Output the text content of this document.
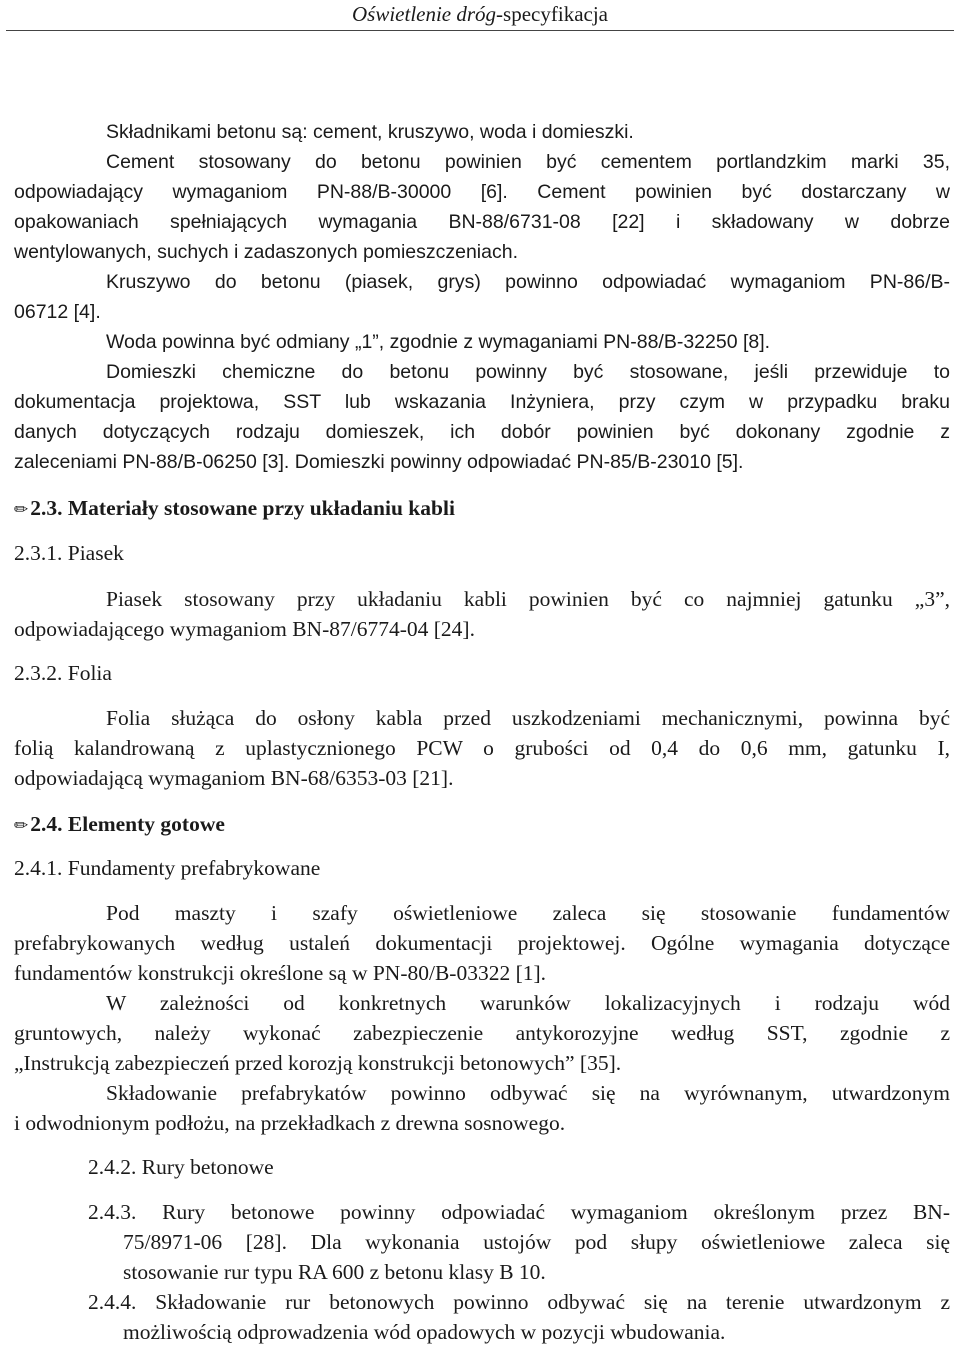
Oświetlenie dróg-specyfikacja
Składnikami betonu są: cement, kruszywo, woda i domieszki.
Cement stosowany do betonu powinien być cementem portlandzkim marki 35,
odpowiadający wymaganiom PN-88/B-30000 [6]. Cement powinien być dostarczany w
opakowaniach spełniających wymagania BN-88/6731-08 [22] i składowany w dobrze
wentylowanych, suchych i zadaszonych pomieszczeniach.
Kruszywo do betonu (piasek, grys) powinno odpowiadać wymaganiom PN-86/B-
06712 [4].
Woda powinna być odmiany „1”, zgodnie z wymaganiami PN-88/B-32250 [8].
Domieszki chemiczne do betonu powinny być stosowane, jeśli przewiduje to
dokumentacja projektowa, SST lub wskazania Inżyniera, przy czym w przypadku braku
danych dotyczących rodzaju domieszek, ich dobór powinien być dokonany zgodnie z
zaleceniami PN-88/B-06250 [3]. Domieszki powinny odpowiadać PN-85/B-23010 [5].
✏2.3. Materiały stosowane przy układaniu kabli
2.3.1. Piasek
Piasek stosowany przy układaniu kabli powinien być co najmniej gatunku „3”,
odpowiadającego wymaganiom BN-87/6774-04 [24].
2.3.2. Folia
Folia służąca do osłony kabla przed uszkodzeniami mechanicznymi, powinna być
folią kalandrowaną z uplastycznionego PCW o grubości od 0,4 do 0,6 mm, gatunku I,
odpowiadającą wymaganiom BN-68/6353-03 [21].
✏2.4. Elementy gotowe
2.4.1. Fundamenty prefabrykowane
Pod maszty i szafy oświetleniowe zaleca się stosowanie fundamentów
prefabrykowanych według ustaleń dokumentacji projektowej. Ogólne wymagania dotyczące
fundamentów konstrukcji określone są w PN-80/B-03322 [1].
W zależności od konkretnych warunków lokalizacyjnych i rodzaju wód
gruntowych, należy wykonać zabezpieczenie antykorozyjne według SST, zgodnie z
„Instrukcją zabezpieczeń przed korozją konstrukcji betonowych” [35].
Składowanie prefabrykatów powinno odbywać się na wyrównanym, utwardzonym
i odwodnionym podłożu, na przekładkach z drewna sosnowego.
2.4.2. Rury betonowe
2.4.3. Rury betonowe powinny odpowiadać wymaganiom określonym przez BN-
75/8971-06 [28]. Dla wykonania ustojów pod słupy oświetleniowe zaleca się
stosowanie rur typu RA 600 z betonu klasy B 10.
2.4.4. Składowanie rur betonowych powinno odbywać się na terenie utwardzonym z
możliwością odprowadzenia wód opadowych w pozycji wbudowania.
